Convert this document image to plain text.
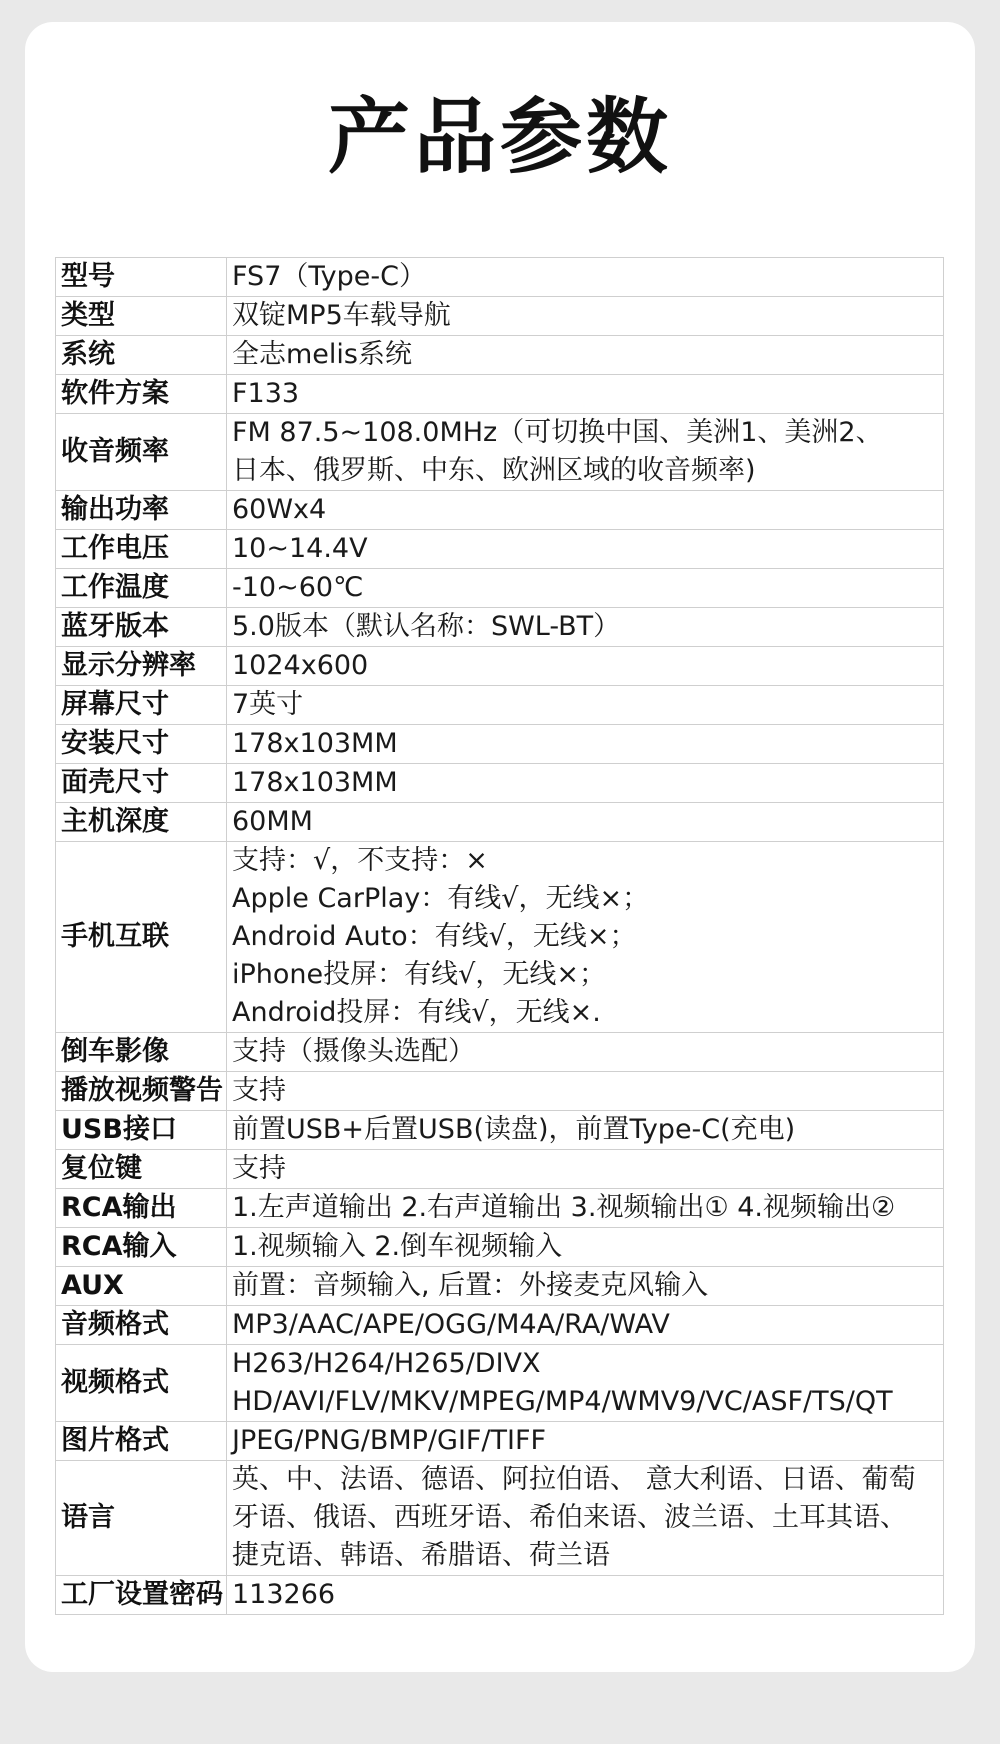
产品参数
型号	FS7（Type-C）

类型	双锭MP5车载导航

系统	全志melis系统

软件方案	F133

收音频率	FM 87.5~108.0MHz（可切换中国、美洲1、美洲2、
日本、俄罗斯、中东、欧洲区域的收音频率)

输出功率	60Wx4

工作电压	10~14.4V

工作温度	-10~60℃

蓝牙版本	5.0版本（默认名称：SWL-BT）

显示分辨率	1024x600

屏幕尺寸	7英寸

安装尺寸	178x103MM

面壳尺寸	178x103MM

主机深度	60MM

手机互联	支持：√，不支持：×
Apple CarPlay：有线√，无线×；
Android Auto：有线√，无线×；
iPhone投屏：有线√，无线×；
Android投屏：有线√，无线×.

倒车影像	支持（摄像头选配）

播放视频警告	支持

USB接口	前置USB+后置USB(读盘)，前置Type-C(充电)

复位键	支持

RCA输出	1.左声道输出 2.右声道输出 3.视频输出① 4.视频输出②

RCA输入	1.视频输入 2.倒车视频输入

AUX	前置：音频输入, 后置：外接麦克风输入

音频格式	MP3/AAC/APE/OGG/M4A/RA/WAV

视频格式	H263/H264/H265/DIVX
HD/AVI/FLV/MKV/MPEG/MP4/WMV9/VC/ASF/TS/QT

图片格式	JPEG/PNG/BMP/GIF/TIFF

语言	英、中、法语、德语、阿拉伯语、 意大利语、日语、葡萄
牙语、俄语、西班牙语、希伯来语、波兰语、土耳其语、
捷克语、韩语、希腊语、荷兰语

工厂设置密码	113266
